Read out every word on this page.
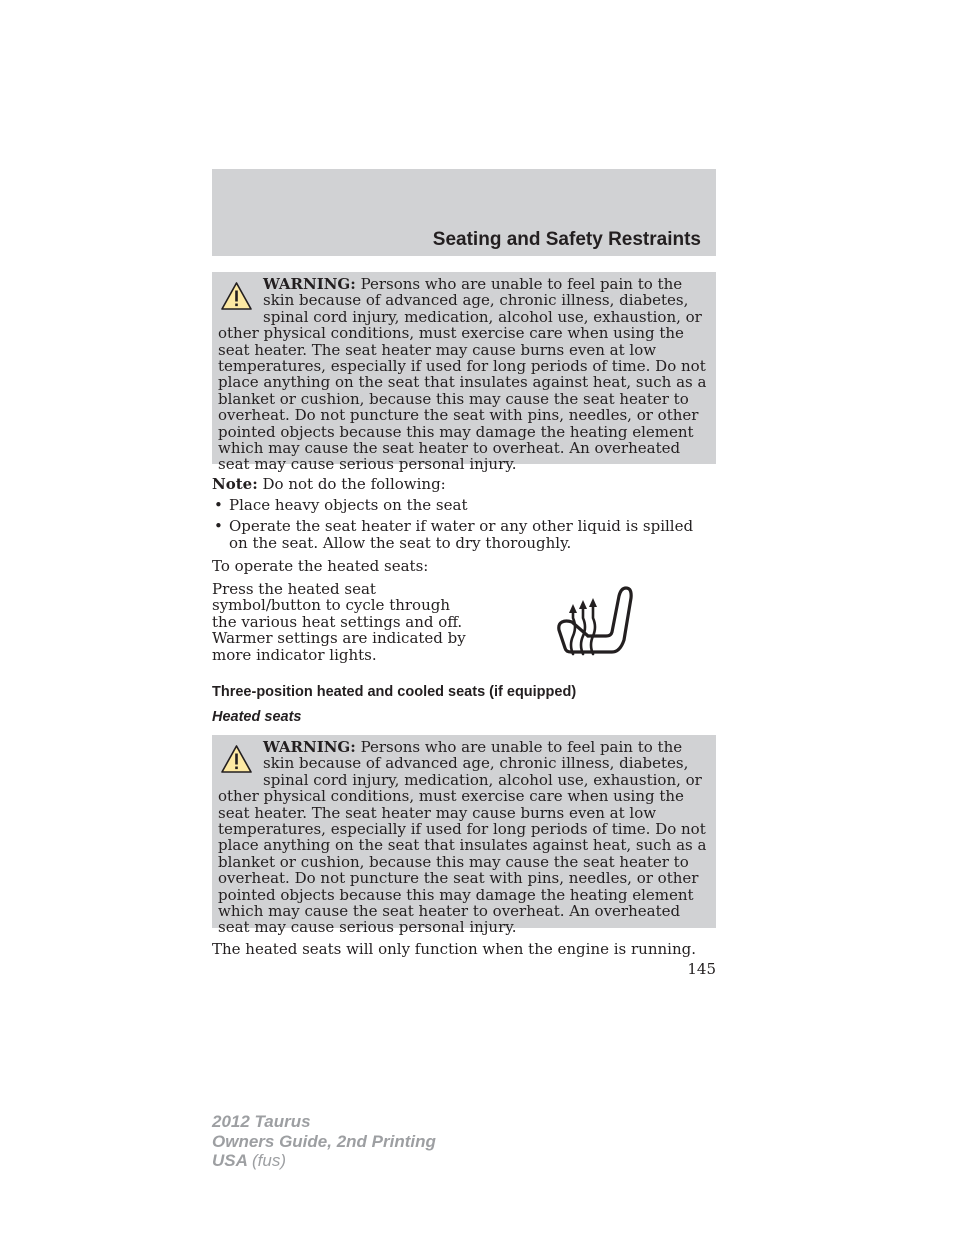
Seating and Safety Restraints

WARNING: Persons who are unable to feel pain to the skin because of advanced age, chronic illness, diabetes, spinal cord injury, medication, alcohol use, exhaustion, or other physical conditions, must exercise care when using the seat heater. The seat heater may cause burns even at low temperatures, especially if used for long periods of time. Do not place anything on the seat that insulates against heat, such as a blanket or cushion, because this may cause the seat heater to overheat. Do not puncture the seat with pins, needles, or other pointed objects because this may damage the heating element which may cause the seat heater to overheat. An overheated seat may cause serious personal injury.

Note: Do not do the following:

• Place heavy objects on the seat
• Operate the seat heater if water or any other liquid is spilled on the seat. Allow the seat to dry thoroughly.

To operate the heated seats:

Press the heated seat symbol/button to cycle through the various heat settings and off. Warmer settings are indicated by more indicator lights.

Three-position heated and cooled seats (if equipped)
Heated seats

WARNING: Persons who are unable to feel pain to the skin because of advanced age, chronic illness, diabetes, spinal cord injury, medication, alcohol use, exhaustion, or other physical conditions, must exercise care when using the seat heater. The seat heater may cause burns even at low temperatures, especially if used for long periods of time. Do not place anything on the seat that insulates against heat, such as a blanket or cushion, because this may cause the seat heater to overheat. Do not puncture the seat with pins, needles, or other pointed objects because this may damage the heating element which may cause the seat heater to overheat. An overheated seat may cause serious personal injury.

The heated seats will only function when the engine is running.

145

2012 Taurus
Owners Guide, 2nd Printing
USA (fus)
